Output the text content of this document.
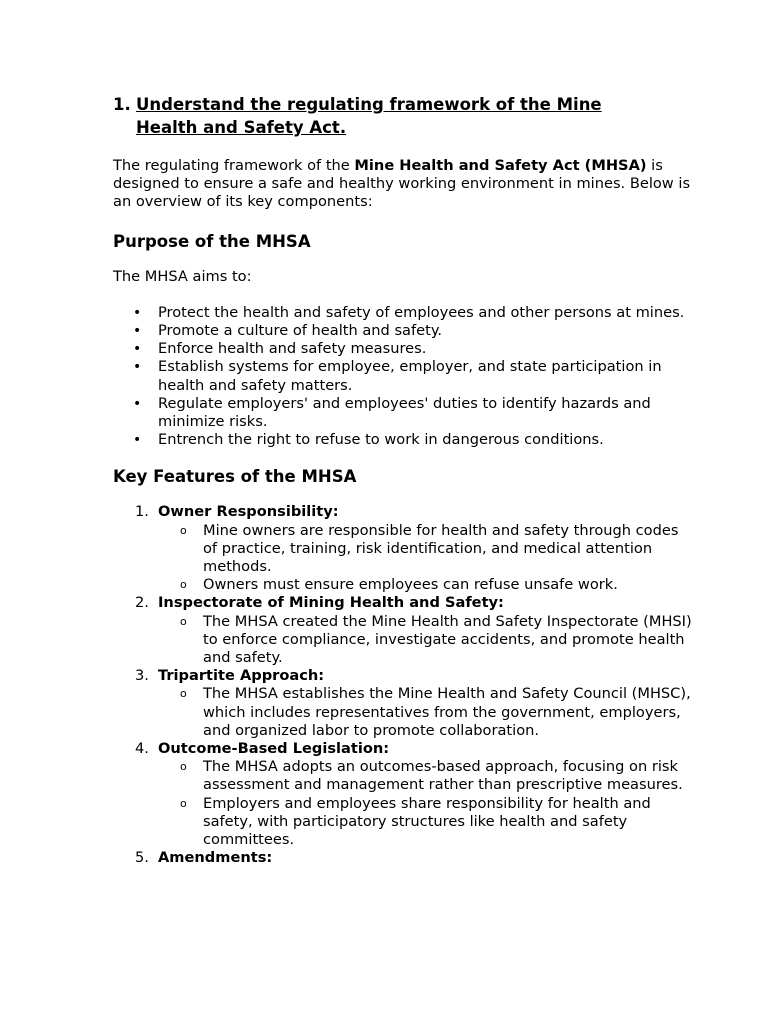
1. Understand the regulating framework of the Mine Health and Safety Act.

The regulating framework of the Mine Health and Safety Act (MHSA) is designed to ensure a safe and healthy working environment in mines. Below is an overview of its key components:

Purpose of the MHSA

The MHSA aims to:

• Protect the health and safety of employees and other persons at mines.
• Promote a culture of health and safety.
• Enforce health and safety measures.
• Establish systems for employee, employer, and state participation in health and safety matters.
• Regulate employers' and employees' duties to identify hazards and minimize risks.
• Entrench the right to refuse to work in dangerous conditions.
Key Features of the MHSA
1. Owner Responsibility:
o Mine owners are responsible for health and safety through codes of practice, training, risk identification, and medical attention methods.
o Owners must ensure employees can refuse unsafe work.
2. Inspectorate of Mining Health and Safety:
o The MHSA created the Mine Health and Safety Inspectorate (MHSI) to enforce compliance, investigate accidents, and promote health and safety.
3. Tripartite Approach:
o The MHSA establishes the Mine Health and Safety Council (MHSC), which includes representatives from the government, employers, and organized labor to promote collaboration.
4. Outcome-Based Legislation:
o The MHSA adopts an outcomes-based approach, focusing on risk assessment and management rather than prescriptive measures.
o Employers and employees share responsibility for health and safety, with participatory structures like health and safety committees.
5. Amendments:
